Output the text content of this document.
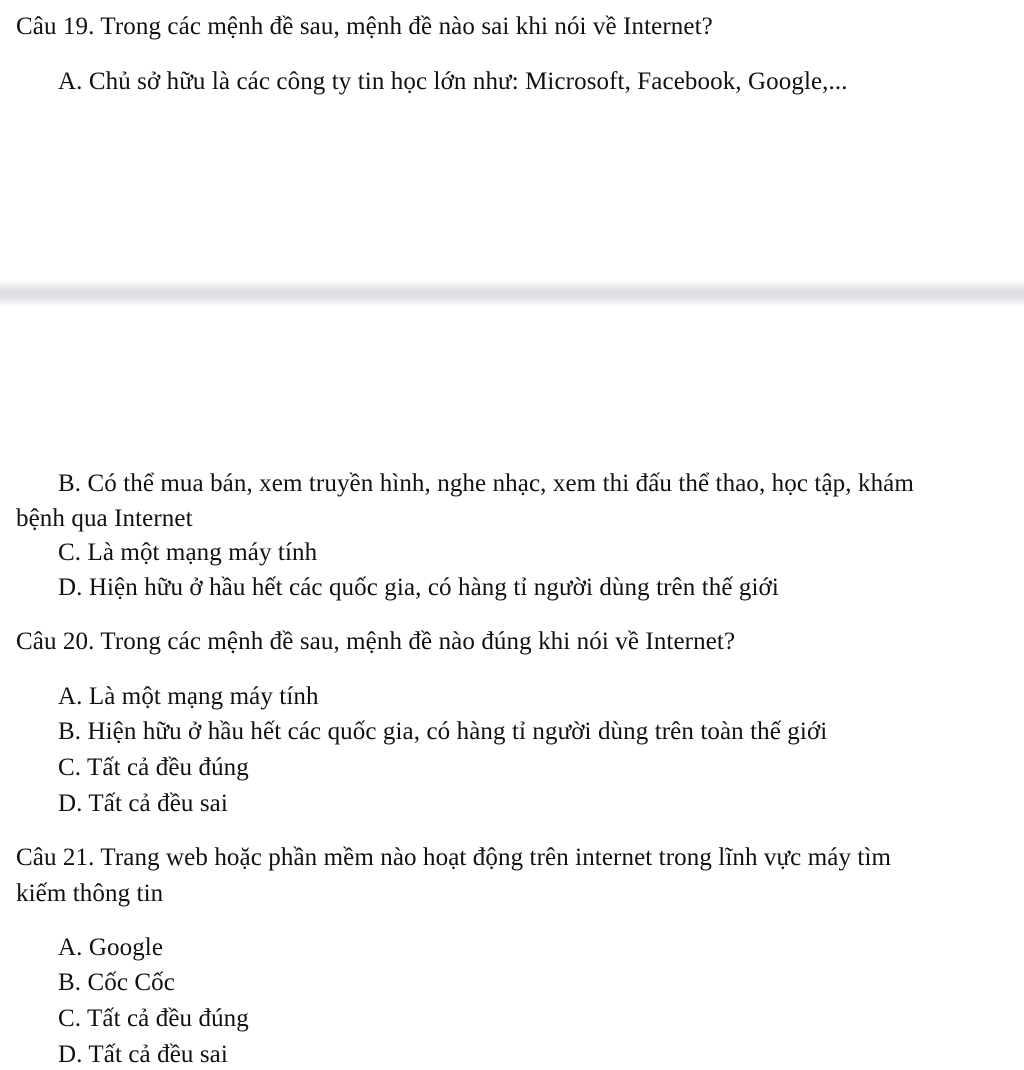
Câu 19. Trong các mệnh đề sau, mệnh đề nào sai khi nói về Internet?
A. Chủ sở hữu là các công ty tin học lớn như: Microsoft, Facebook, Google,...
B. Có thể mua bán, xem truyền hình, nghe nhạc, xem thi đấu thể thao, học tập, khám
bệnh qua Internet
C. Là một mạng máy tính
D. Hiện hữu ở hầu hết các quốc gia, có hàng tỉ người dùng trên thế giới
Câu 20. Trong các mệnh đề sau, mệnh đề nào đúng khi nói về Internet?
A. Là một mạng máy tính
B. Hiện hữu ở hầu hết các quốc gia, có hàng tỉ người dùng trên toàn thế giới
C. Tất cả đều đúng
D. Tất cả đều sai
Câu 21. Trang web hoặc phần mềm nào hoạt động trên internet trong lĩnh vực máy tìm
kiếm thông tin
A. Google
B. Cốc Cốc
C. Tất cả đều đúng
D. Tất cả đều sai
